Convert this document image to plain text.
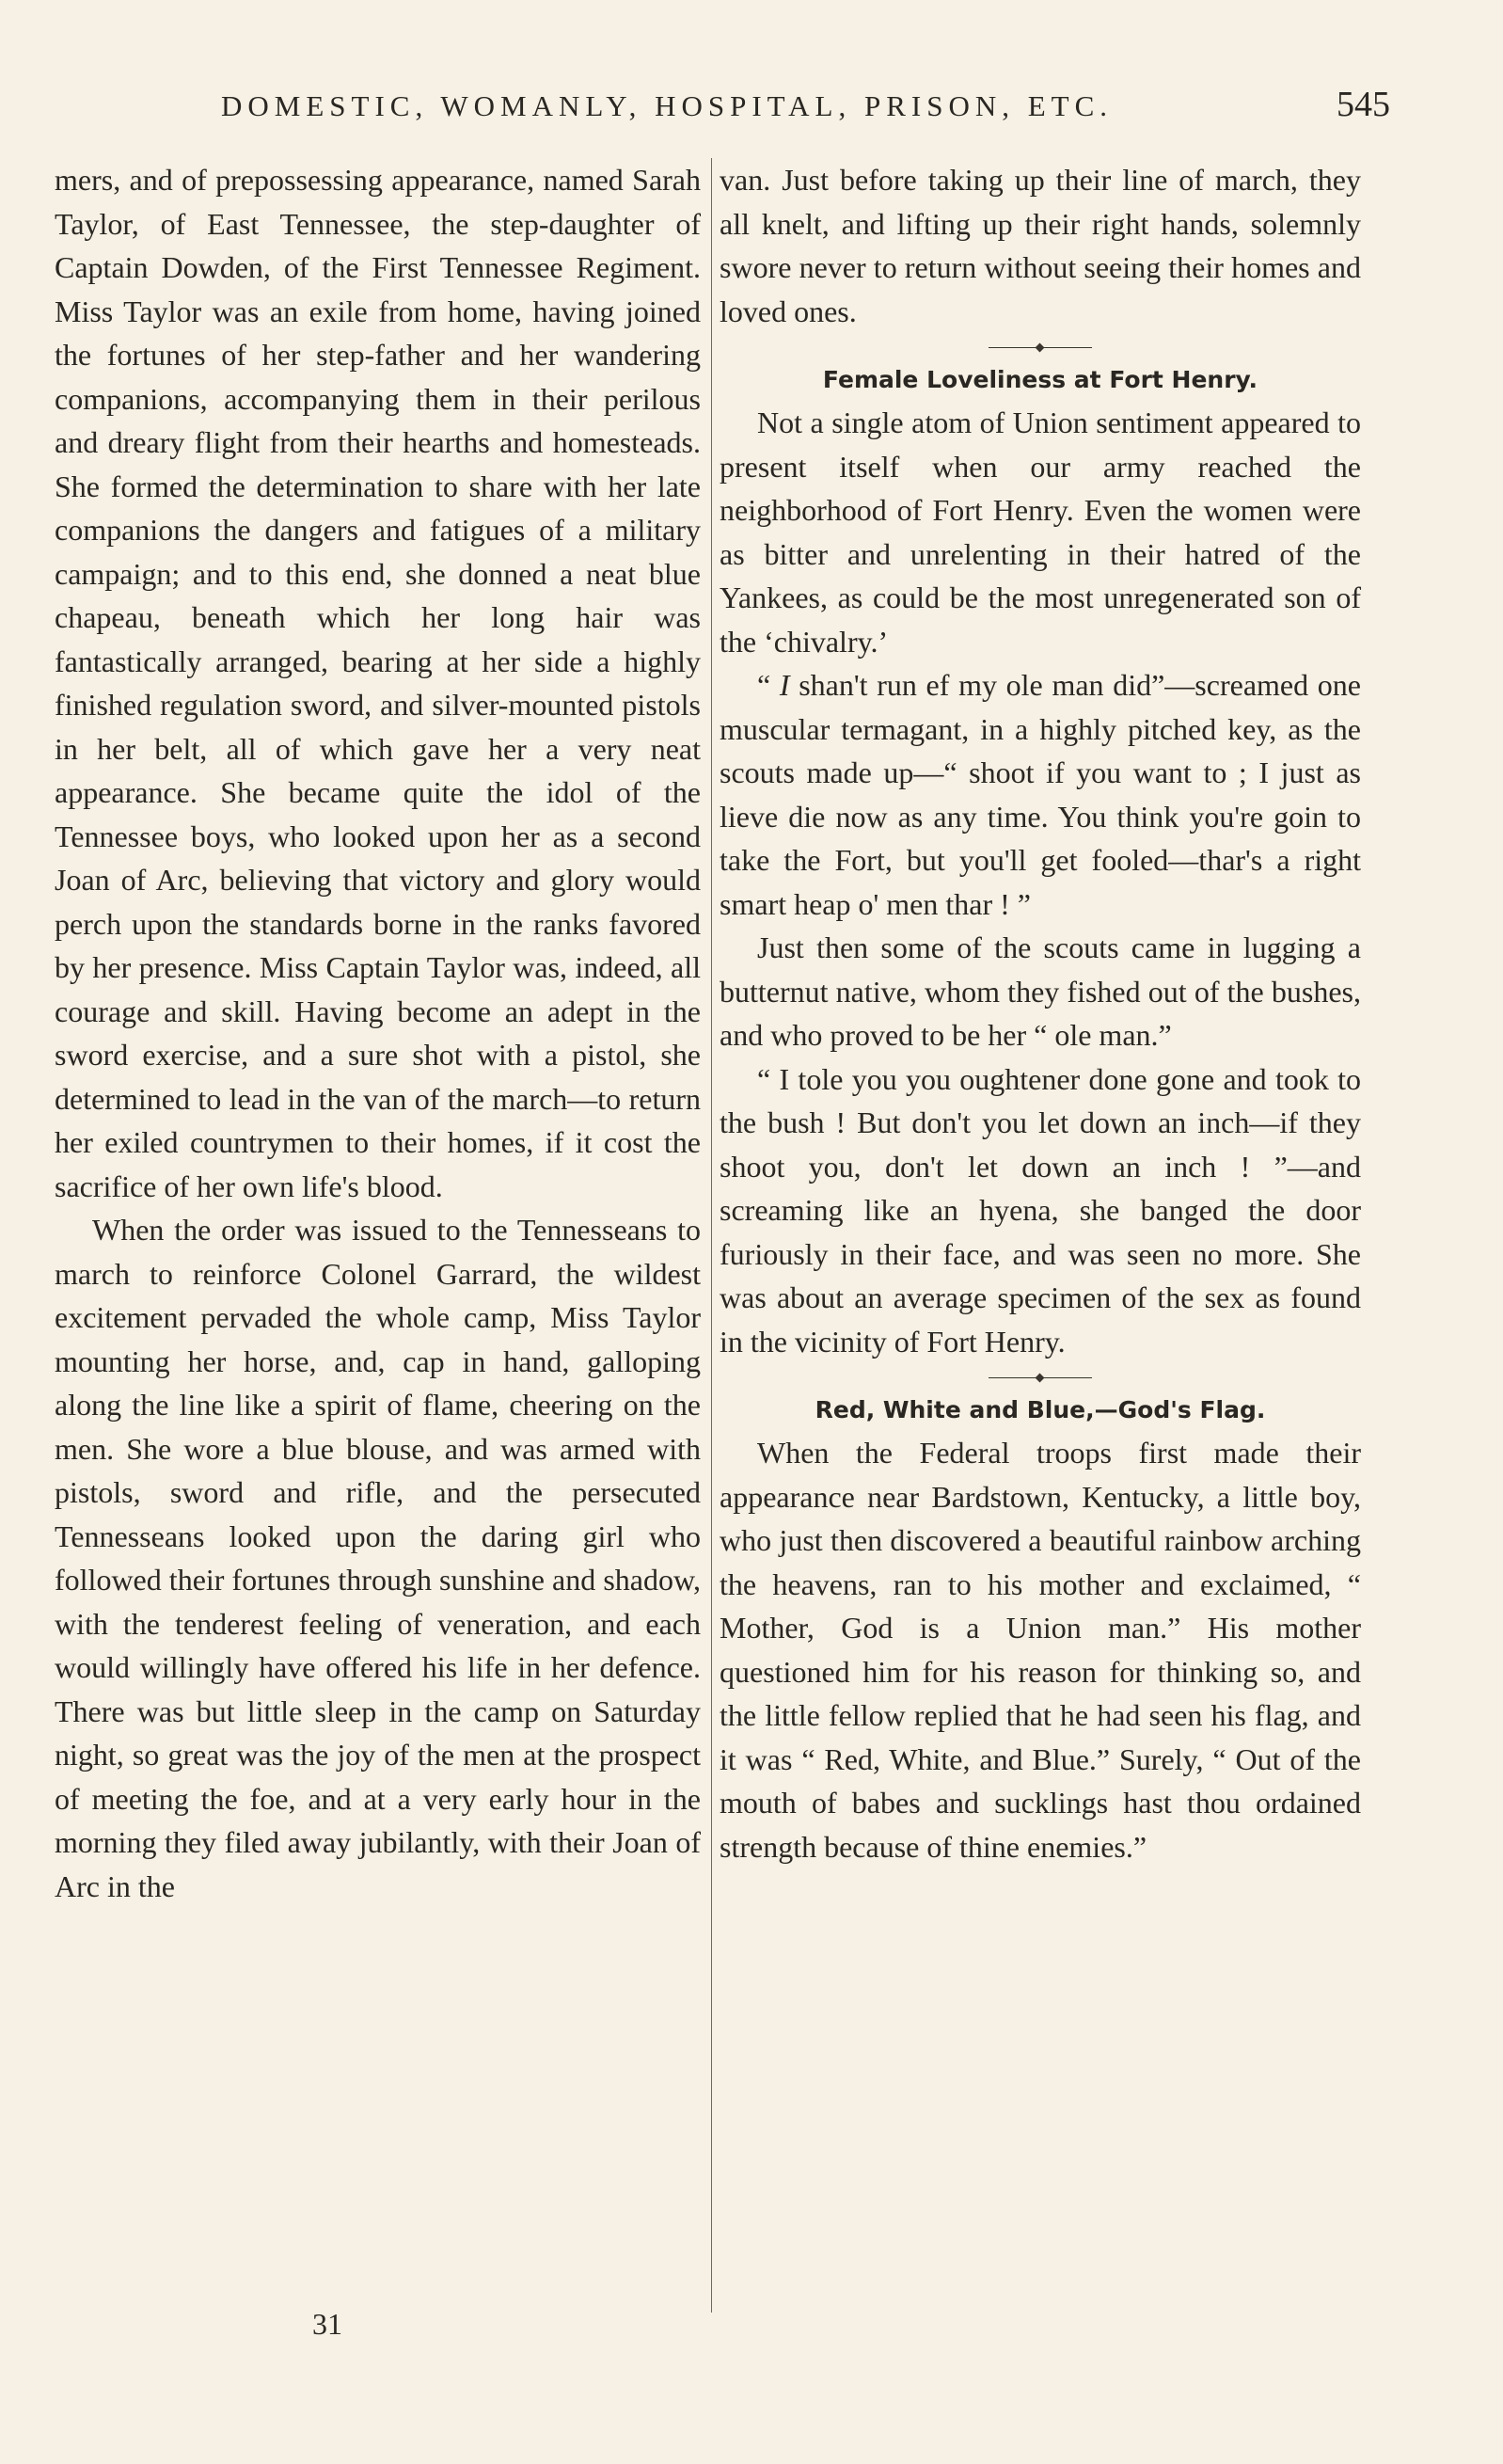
DOMESTIC, WOMANLY, HOSPITAL, PRISON, ETC.	545

mers, and of prepossessing appearance, named Sarah Taylor, of East Tennessee, the step-daughter of Captain Dowden, of the First Tennessee Regiment. Miss Taylor was an exile from home, having joined the fortunes of her step-father and her wandering companions, accompanying them in their perilous and dreary flight from their hearths and homesteads. She formed the determination to share with her late companions the dangers and fatigues of a military campaign; and to this end, she donned a neat blue chapeau, beneath which her long hair was fantastically arranged, bearing at her side a highly finished regulation sword, and silver-mounted pistols in her belt, all of which gave her a very neat appearance. She became quite the idol of the Tennessee boys, who looked upon her as a second Joan of Arc, believing that victory and glory would perch upon the standards borne in the ranks favored by her presence. Miss Captain Taylor was, indeed, all courage and skill. Having become an adept in the sword exercise, and a sure shot with a pistol, she determined to lead in the van of the march—to return her exiled countrymen to their homes, if it cost the sacrifice of her own life's blood.

When the order was issued to the Tennesseans to march to reinforce Colonel Garrard, the wildest excitement pervaded the whole camp, Miss Taylor mounting her horse, and, cap in hand, galloping along the line like a spirit of flame, cheering on the men. She wore a blue blouse, and was armed with pistols, sword and rifle, and the persecuted Tennesseans looked upon the daring girl who followed their fortunes through sunshine and shadow, with the tenderest feeling of veneration, and each would willingly have offered his life in her defence. There was but little sleep in the camp on Saturday night, so great was the joy of the men at the prospect of meeting the foe, and at a very early hour in the morning they filed away jubilantly, with their Joan of Arc in the

van. Just before taking up their line of march, they all knelt, and lifting up their right hands, solemnly swore never to return without seeing their homes and loved ones.

Female Loveliness at Fort Henry.

Not a single atom of Union sentiment appeared to present itself when our army reached the neighborhood of Fort Henry. Even the women were as bitter and unrelenting in their hatred of the Yankees, as could be the most unregenerated son of the ‘chivalry.’

“ I shan't run ef my ole man did”—screamed one muscular termagant, in a highly pitched key, as the scouts made up—“ shoot if you want to ; I just as lieve die now as any time. You think you're goin to take the Fort, but you'll get fooled—thar's a right smart heap o' men thar ! ”

Just then some of the scouts came in lugging a butternut native, whom they fished out of the bushes, and who proved to be her “ ole man.”

“ I tole you you oughtener done gone and took to the bush ! But don't you let down an inch—if they shoot you, don't let down an inch ! ”—and screaming like an hyena, she banged the door furiously in their face, and was seen no more. She was about an average specimen of the sex as found in the vicinity of Fort Henry.

Red, White and Blue,—God's Flag.

When the Federal troops first made their appearance near Bardstown, Kentucky, a little boy, who just then discovered a beautiful rainbow arching the heavens, ran to his mother and exclaimed, “ Mother, God is a Union man.” His mother questioned him for his reason for thinking so, and the little fellow replied that he had seen his flag, and it was “ Red, White, and Blue.” Surely, “ Out of the mouth of babes and sucklings hast thou ordained strength because of thine enemies.”

31
